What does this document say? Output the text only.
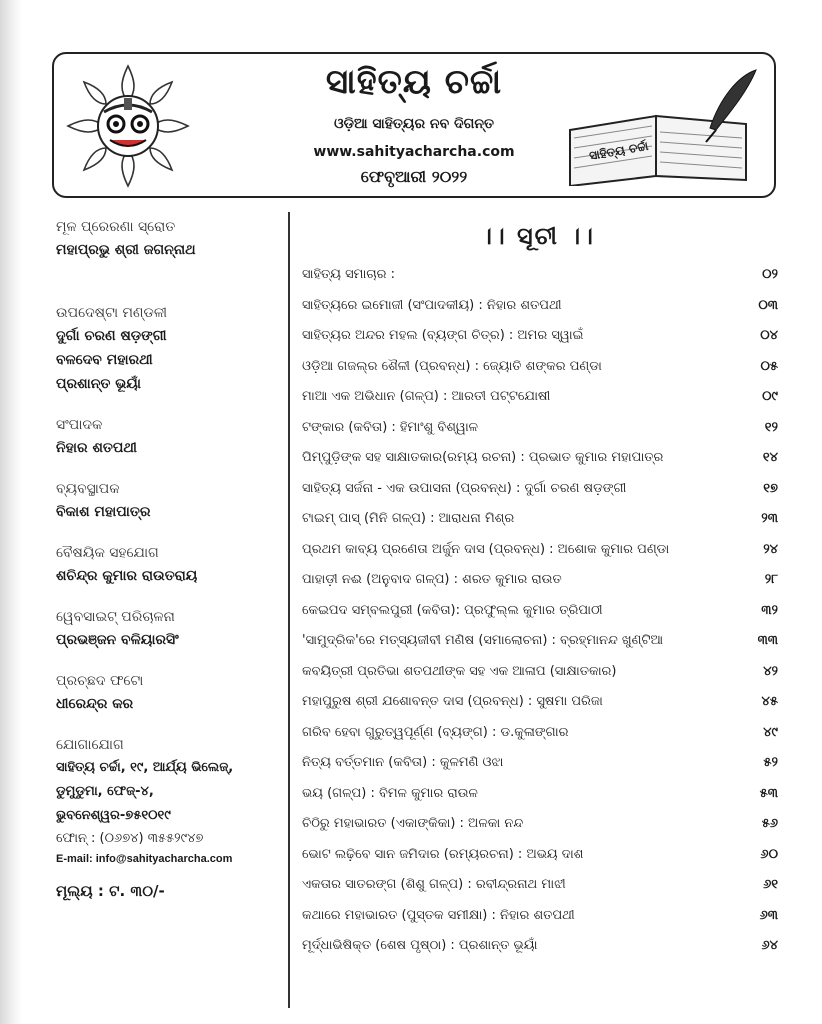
ସାହିତ୍ୟ ଚର୍ଚ୍ଚା
ଓଡ଼ିଆ ସାହିତ୍ୟର ନବ ଦିଗନ୍ତ
www.sahityacharcha.com
ଫେବୃଆରୀ ୨୦୨୨
ସାହିତ୍ୟ ଚର୍ଚ୍ଚା
ମୂଳ ପ୍ରେରଣା ସ୍ରୋତ
ମହାପ୍ରଭୁ ଶ୍ରୀ ଜଗନ୍ନାଥ
ଉପଦେଷ୍ଟା ମଣ୍ଡଳୀ
ଦୁର୍ଗା ଚରଣ ଷଡ଼ଙ୍ଗୀ
ବଳଦେବ ମହାରଥୀ
ପ୍ରଶାନ୍ତ ଭୂୟାଁ
ସଂପାଦକ
ନିହାର ଶତପଥୀ
ବ୍ୟବସ୍ଥାପକ
ବିକାଶ ମହାପାତ୍ର
ବୈଷୟିକ ସହଯୋଗ
ଶଚିନ୍ଦ୍ର କୁମାର ରାଉତରାୟ
ୱେବସାଇଟ୍ ପରିଚାଳନା
ପ୍ରଭଞ୍ଜନ ବଳିୟାରସିଂ
ପ୍ରଚ୍ଛଦ ଫଟୋ
ଧୀରେନ୍ଦ୍ର କର
ଯୋଗାଯୋଗ
ସାହିତ୍ୟ ଚର୍ଚ୍ଚା, ୧୯, ଆର୍ଯ୍ୟ ଭିଲେଜ୍,
ଡୁମୁଡୁମା, ଫେଜ୍-୪,
ଭୁବନେଶ୍ୱର-୭୫୧୦୧୯
ଫୋନ୍ : (୦୬୭୪) ୩୫୫୨୯୪୭
E-mail: info@sahityacharcha.com
ମୂଲ୍ୟ : ଟ. ୩୦/-
।। ସୂଚୀ ।।
ସାହିତ୍ୟ ସମାଚାର :	୦୨
ସାହିତ୍ୟରେ ଇମୋଜୀ (ସଂପାଦକୀୟ) : ନିହାର ଶତପଥୀ	୦୩
ସାହିତ୍ୟର ଅନ୍ଦର ମହଲ (ବ୍ୟଙ୍ଗ ଚିତ୍ର) : ଅମର ସ୍ୱାଇଁ	୦୪
ଓଡ଼ିଆ ଗଜଲ୍‌ର ଶୈଳୀ (ପ୍ରବନ୍ଧ) : ଜ୍ୟୋତି ଶଙ୍କର ପଣ୍ଡା	୦୫
ମାଆ ଏକ ଅଭିଧାନ (ଗଳ୍ପ) : ଆରତୀ ପଟ୍ଟଯୋଷୀ	୦୯
ଟଙ୍କାର (କବିତା) : ହିମାଂଶୁ ବିଶ୍ୱାଳ	୧୨
ପିମ୍ପୁଡ଼ିଙ୍କ ସହ ସାକ୍ଷାତକାର(ରମ୍ୟ ରଚନା) : ପ୍ରଭାତ କୁମାର ମହାପାତ୍ର	୧୪
ସାହିତ୍ୟ ସର୍ଜନା - ଏକ ଉପାସନା (ପ୍ରବନ୍ଧ) : ଦୁର୍ଗା ଚରଣ ଷଡ଼ଙ୍ଗୀ	୧୭
ଟାଇମ୍ ପାସ୍ (ମିନି ଗଳ୍ପ) : ଆରାଧନା ମିଶ୍ର	୨୩
ପ୍ରଥମ କାବ୍ୟ ପ୍ରଣେତା ଅର୍ଜୁନ ଦାସ (ପ୍ରବନ୍ଧ) : ଅଶୋକ କୁମାର ପଣ୍ଡା	୨୪
ପାହାଡ଼ୀ ନଈ (ଅନୁବାଦ ଗଳ୍ପ) : ଶରତ କୁମାର ରାଉତ	୨୮
କେଇପଦ ସମ୍ବଲପୁରୀ (କବିତା): ପ୍ରଫୁଲ୍ଲ କୁମାର ତ୍ରିପାଠୀ	୩୨
'ସାମୁଦ୍ରିକ'ରେ ମତ୍ସ୍ୟଜୀବୀ ମଣିଷ (ସମାଲୋଚନା) : ବ୍ରହ୍ମାନନ୍ଦ ଖୁଣ୍ଟିଆ	୩୩
କବୟିତ୍ରୀ ପ୍ରତିଭା ଶତପଥୀଙ୍କ ସହ ଏକ ଆଳାପ (ସାକ୍ଷାତକାର)	୪୨
ମହାପୁରୁଷ ଶ୍ରୀ ଯଶୋବନ୍ତ ଦାସ (ପ୍ରବନ୍ଧ) : ସୁଷମା ପରିଜା	୪୫
ଗରିବ ହେବା ଗୁରୁତ୍ୱପୂର୍ଣ୍ଣ (ବ୍ୟଙ୍ଗ) : ଡ.କୁଳାଙ୍ଗାର	୪୯
ନିତ୍ୟ ବର୍ତ୍ତମାନ (କବିତା) : କୁଳମଣି ଓଝା	୫୨
ଭୟ (ଗଳ୍ପ) : ବିମଳ କୁମାର ରାଉଳ	୫୩
ଚିଠିରୁ ମହାଭାରତ (ଏକାଙ୍କିକା) : ଅଳକା ନନ୍ଦ	୫୬
ଭୋଟ ଲଢ଼ିବେ ସାନ ଜମିଦାର (ରମ୍ୟରଚନା) : ଅଭୟ ଦାଶ	୬୦
ଏକତାର ସାତରଙ୍ଗ (ଶିଶୁ ଗଳ୍ପ) : ରବୀନ୍ଦ୍ରନାଥ ମାଝୀ	୬୧
କଥାରେ ମହାଭାରତ (ପୁସ୍ତକ ସମୀକ୍ଷା) : ନିହାର ଶତପଥୀ	୬୩
ମୂର୍ଦ୍ଧାଭିଷିକ୍ତ (ଶେଷ ପୃଷ୍ଠା) : ପ୍ରଶାନ୍ତ ଭୂୟାଁ	୬୪
